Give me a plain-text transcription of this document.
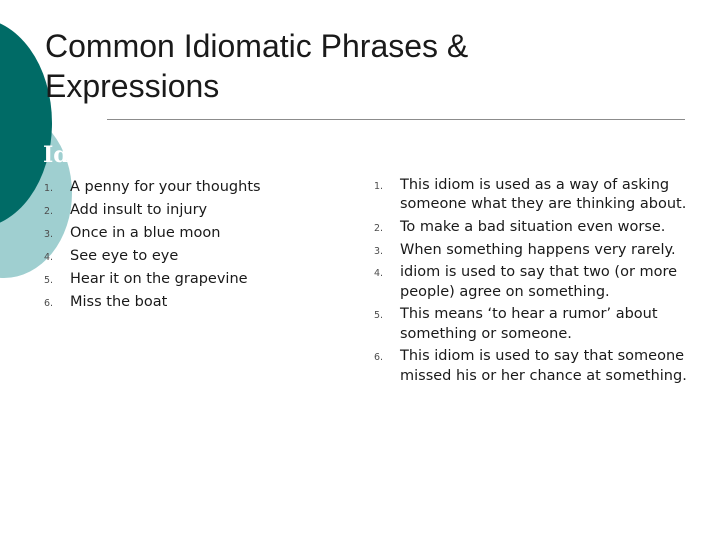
Common Idiomatic Phrases & Expressions
Idioms
1. A penny for your thoughts
2. Add insult to injury
3. Once in a blue moon
4. See eye to eye
5. Hear it on the grapevine
6. Miss the boat
1. This idiom is used as a way of asking someone what they are thinking about.
2. To make a bad situation even worse.
3. When something happens very rarely.
4. idiom is used to say that two (or more people) agree on something.
5. This means ‘to hear a rumor’ about something or someone.
6. This idiom is used to say that someone missed his or her chance at something.
